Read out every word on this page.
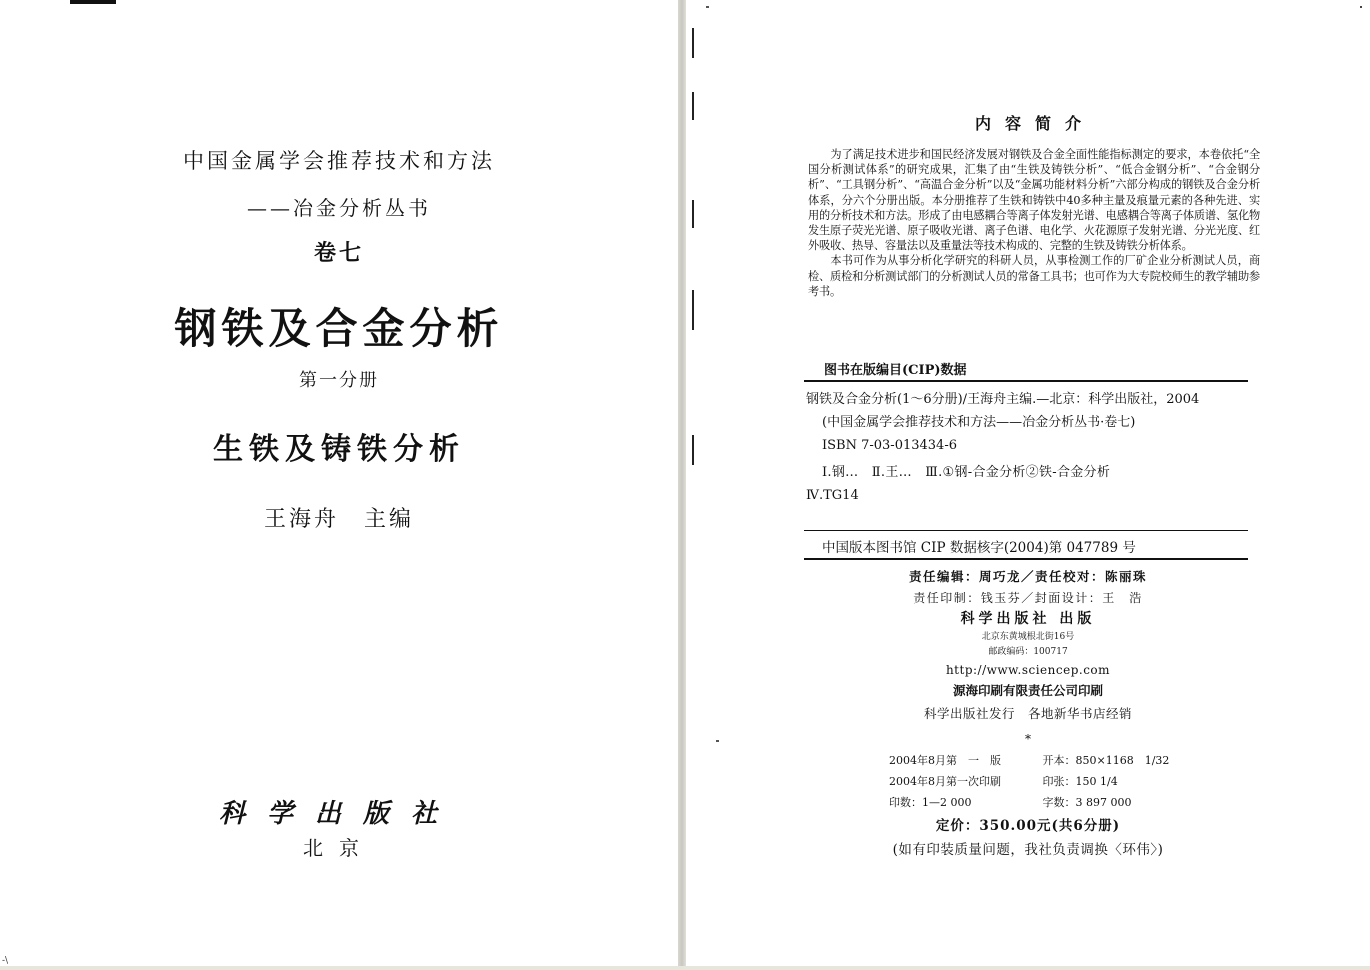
中国金属学会推荐技术和方法
——冶金分析丛书
卷七
钢铁及合金分析
第一分册
生铁及铸铁分析
王海舟　主编
科学出版社
北京
-\
内容简介

为了满足技术进步和国民经济发展对钢铁及合金全面性能指标测定的要求，本卷依托“全国分析测试体系”的研究成果，汇集了由“生铁及铸铁分析”、“低合金钢分析”、“合金钢分析”、“工具钢分析”、“高温合金分析”以及“金属功能材料分析”六部分构成的钢铁及合金分析体系，分六个分册出版。本分册推荐了生铁和铸铁中40多种主量及痕量元素的各种先进、实用的分析技术和方法。形成了由电感耦合等离子体发射光谱、电感耦合等离子体质谱、氢化物发生原子荧光光谱、原子吸收光谱、离子色谱、电化学、火花源原子发射光谱、分光光度、红外吸收、热导、容量法以及重量法等技术构成的、完整的生铁及铸铁分析体系。

本书可作为从事分析化学研究的科研人员，从事检测工作的厂矿企业分析测试人员，商检、质检和分析测试部门的分析测试人员的常备工具书；也可作为大专院校师生的教学辅助参考书。

图书在版编目(CIP)数据
钢铁及合金分析(1～6分册)/王海舟主编.—北京：科学出版社，2004
(中国金属学会推荐技术和方法——冶金分析丛书·卷七)
ISBN 7-03-013434-6
Ⅰ.钢…　Ⅱ.王…　Ⅲ.①钢-合金分析②铁-合金分析
Ⅳ.TG14
中国版本图书馆 CIP 数据核字(2004)第 047789 号
责任编辑：周巧龙／责任校对：陈丽珠
责任印制：钱玉芬／封面设计：王　浩
科学出版社 出版
北京东黄城根北街16号
邮政编码：100717
http://www.sciencep.com
源海印刷有限责任公司印刷
科学出版社发行　各地新华书店经销
*
2004年8月第　一　版	开本：850×1168　1/32
2004年8月第一次印刷	印张：150 1/4
印数：1—2 000	字数：3 897 000
定价：350.00元(共6分册)
(如有印装质量问题，我社负责调换〈环伟〉)
